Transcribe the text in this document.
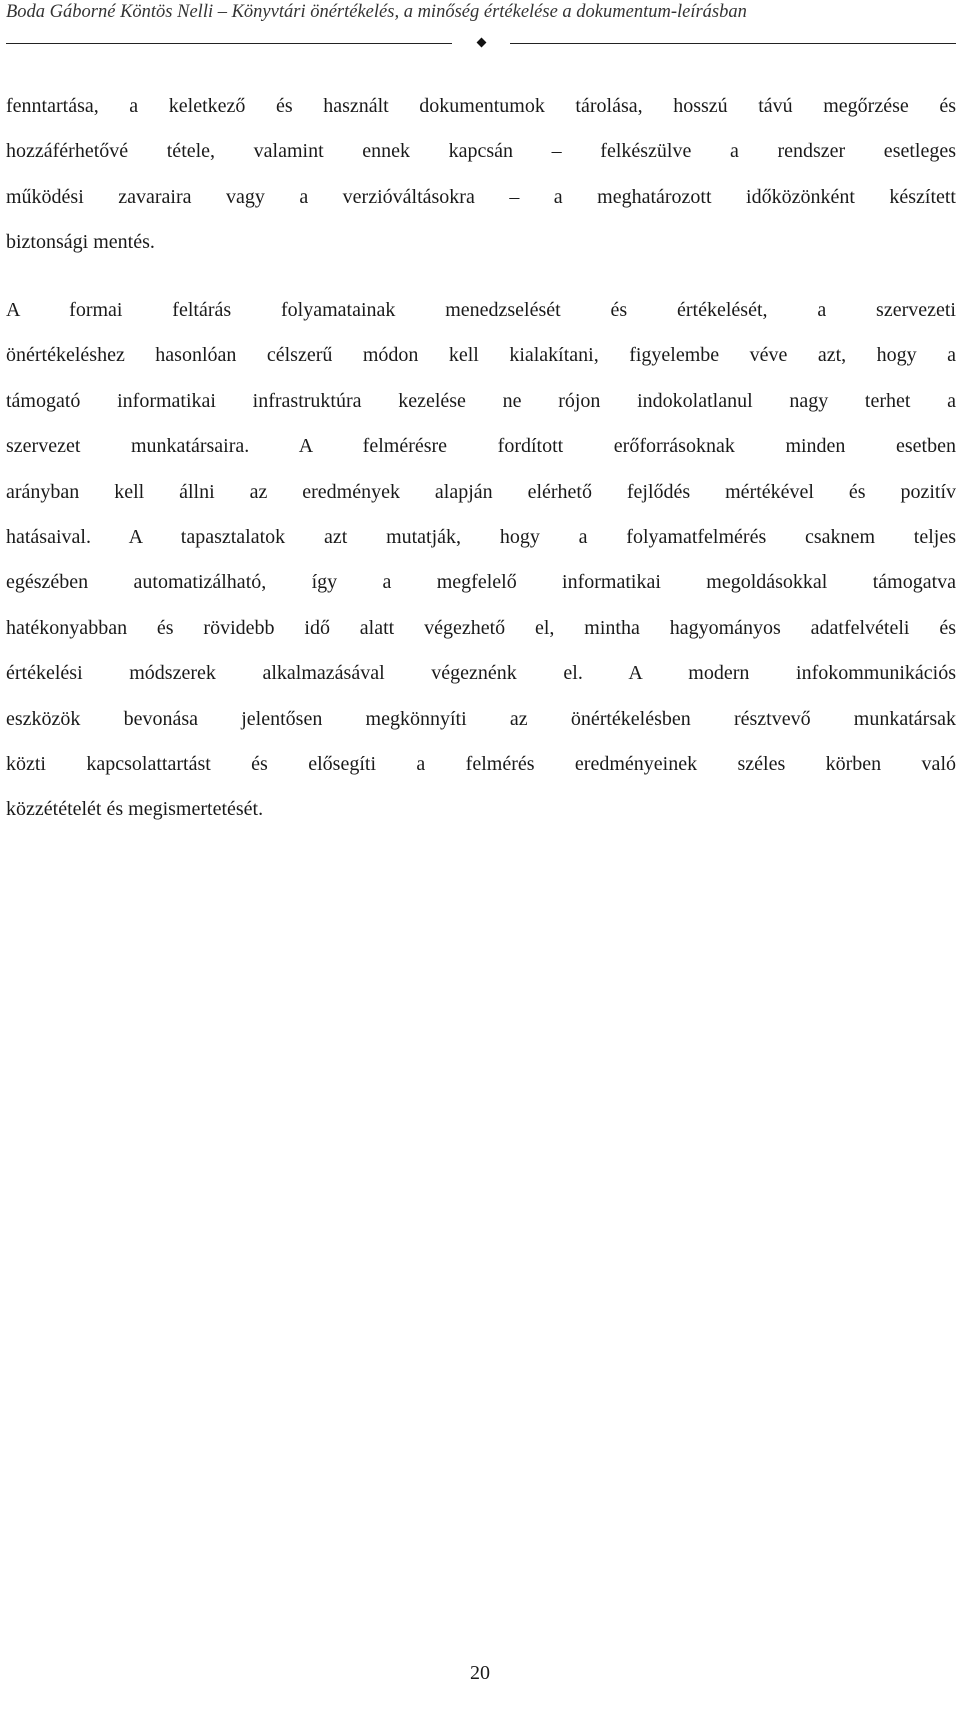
Boda Gáborné Köntös Nelli – Könyvtári önértékelés, a minőség értékelése a dokumentum-leírásban
fenntartása, a keletkező és használt dokumentumok tárolása, hosszú távú megőrzése és
hozzáférhetővé tétele, valamint ennek kapcsán – felkészülve a rendszer esetleges
működési zavaraira vagy a verzióváltásokra – a meghatározott időközönként készített
biztonsági mentés.
A formai feltárás folyamatainak menedzselését és értékelését, a szervezeti
önértékeléshez hasonlóan célszerű módon kell kialakítani, figyelembe véve azt, hogy a
támogató informatikai infrastruktúra kezelése ne rójon indokolatlanul nagy terhet a
szervezet munkatársaira. A felmérésre fordított erőforrásoknak minden esetben
arányban kell állni az eredmények alapján elérhető fejlődés mértékével és pozitív
hatásaival. A tapasztalatok azt mutatják, hogy a folyamatfelmérés csaknem teljes
egészében automatizálható, így a megfelelő informatikai megoldásokkal támogatva
hatékonyabban és rövidebb idő alatt végezhető el, mintha hagyományos adatfelvételi és
értékelési módszerek alkalmazásával végeznénk el. A modern infokommunikációs
eszközök bevonása jelentősen megkönnyíti az önértékelésben résztvevő munkatársak
közti kapcsolattartást és elősegíti a felmérés eredményeinek széles körben való
közzétételét és megismertetését.
20
